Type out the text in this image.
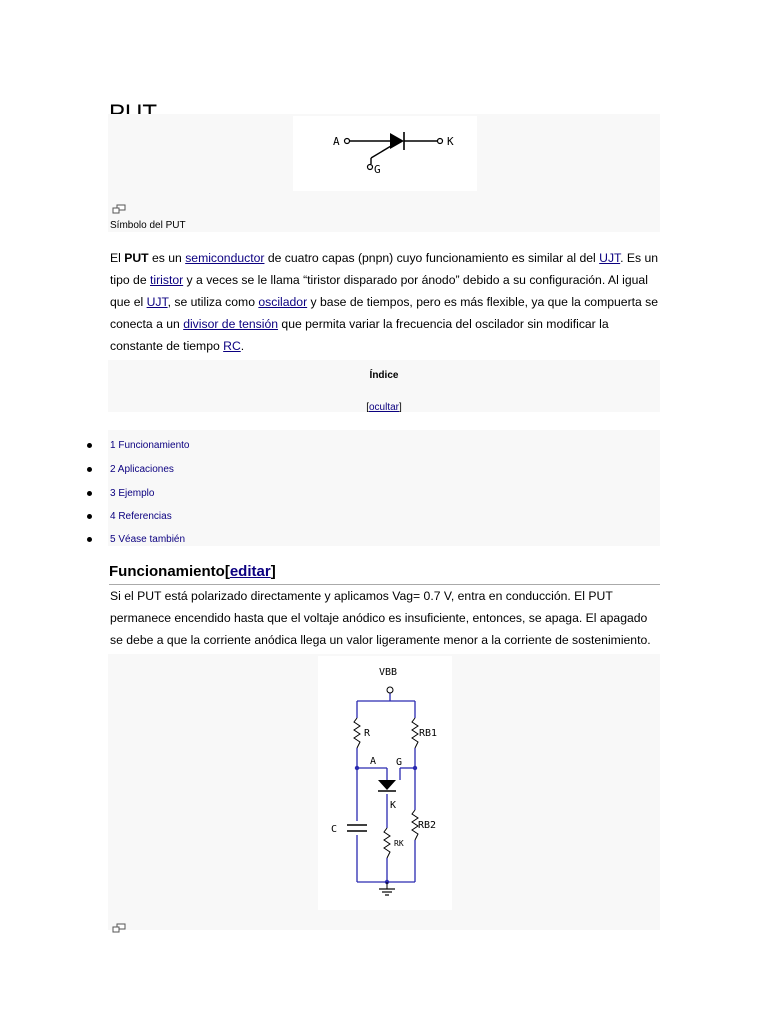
A	K
G
Símbolo del PUT

El PUT es un semiconductor de cuatro capas (pnpn) cuyo funcionamiento es similar al del UJT. Es un tipo de tiristor y a veces se le llama “tiristor disparado por ánodo” debido a su configuración. Al igual que el UJT, se utiliza como oscilador y base de tiempos, pero es más flexible, ya que la compuerta se conecta a un divisor de tensión que permita variar la frecuencia del oscilador sin modificar la constante de tiempo RC.

Índice
[ocultar]
1 Funcionamiento
2 Aplicaciones
3 Ejemplo
4 Referencias
5 Véase también
Funcionamiento[editar]

Si el PUT está polarizado directamente y aplicamos Vag= 0.7 V, entra en conducción. El PUT permanece encendido hasta que el voltaje anódico es insuficiente, entonces, se apaga. El apagado se debe a que la corriente anódica llega un valor ligeramente menor a la corriente de sostenimiento.

VBB
R	RB1
A G
K
C	RB2
RK
